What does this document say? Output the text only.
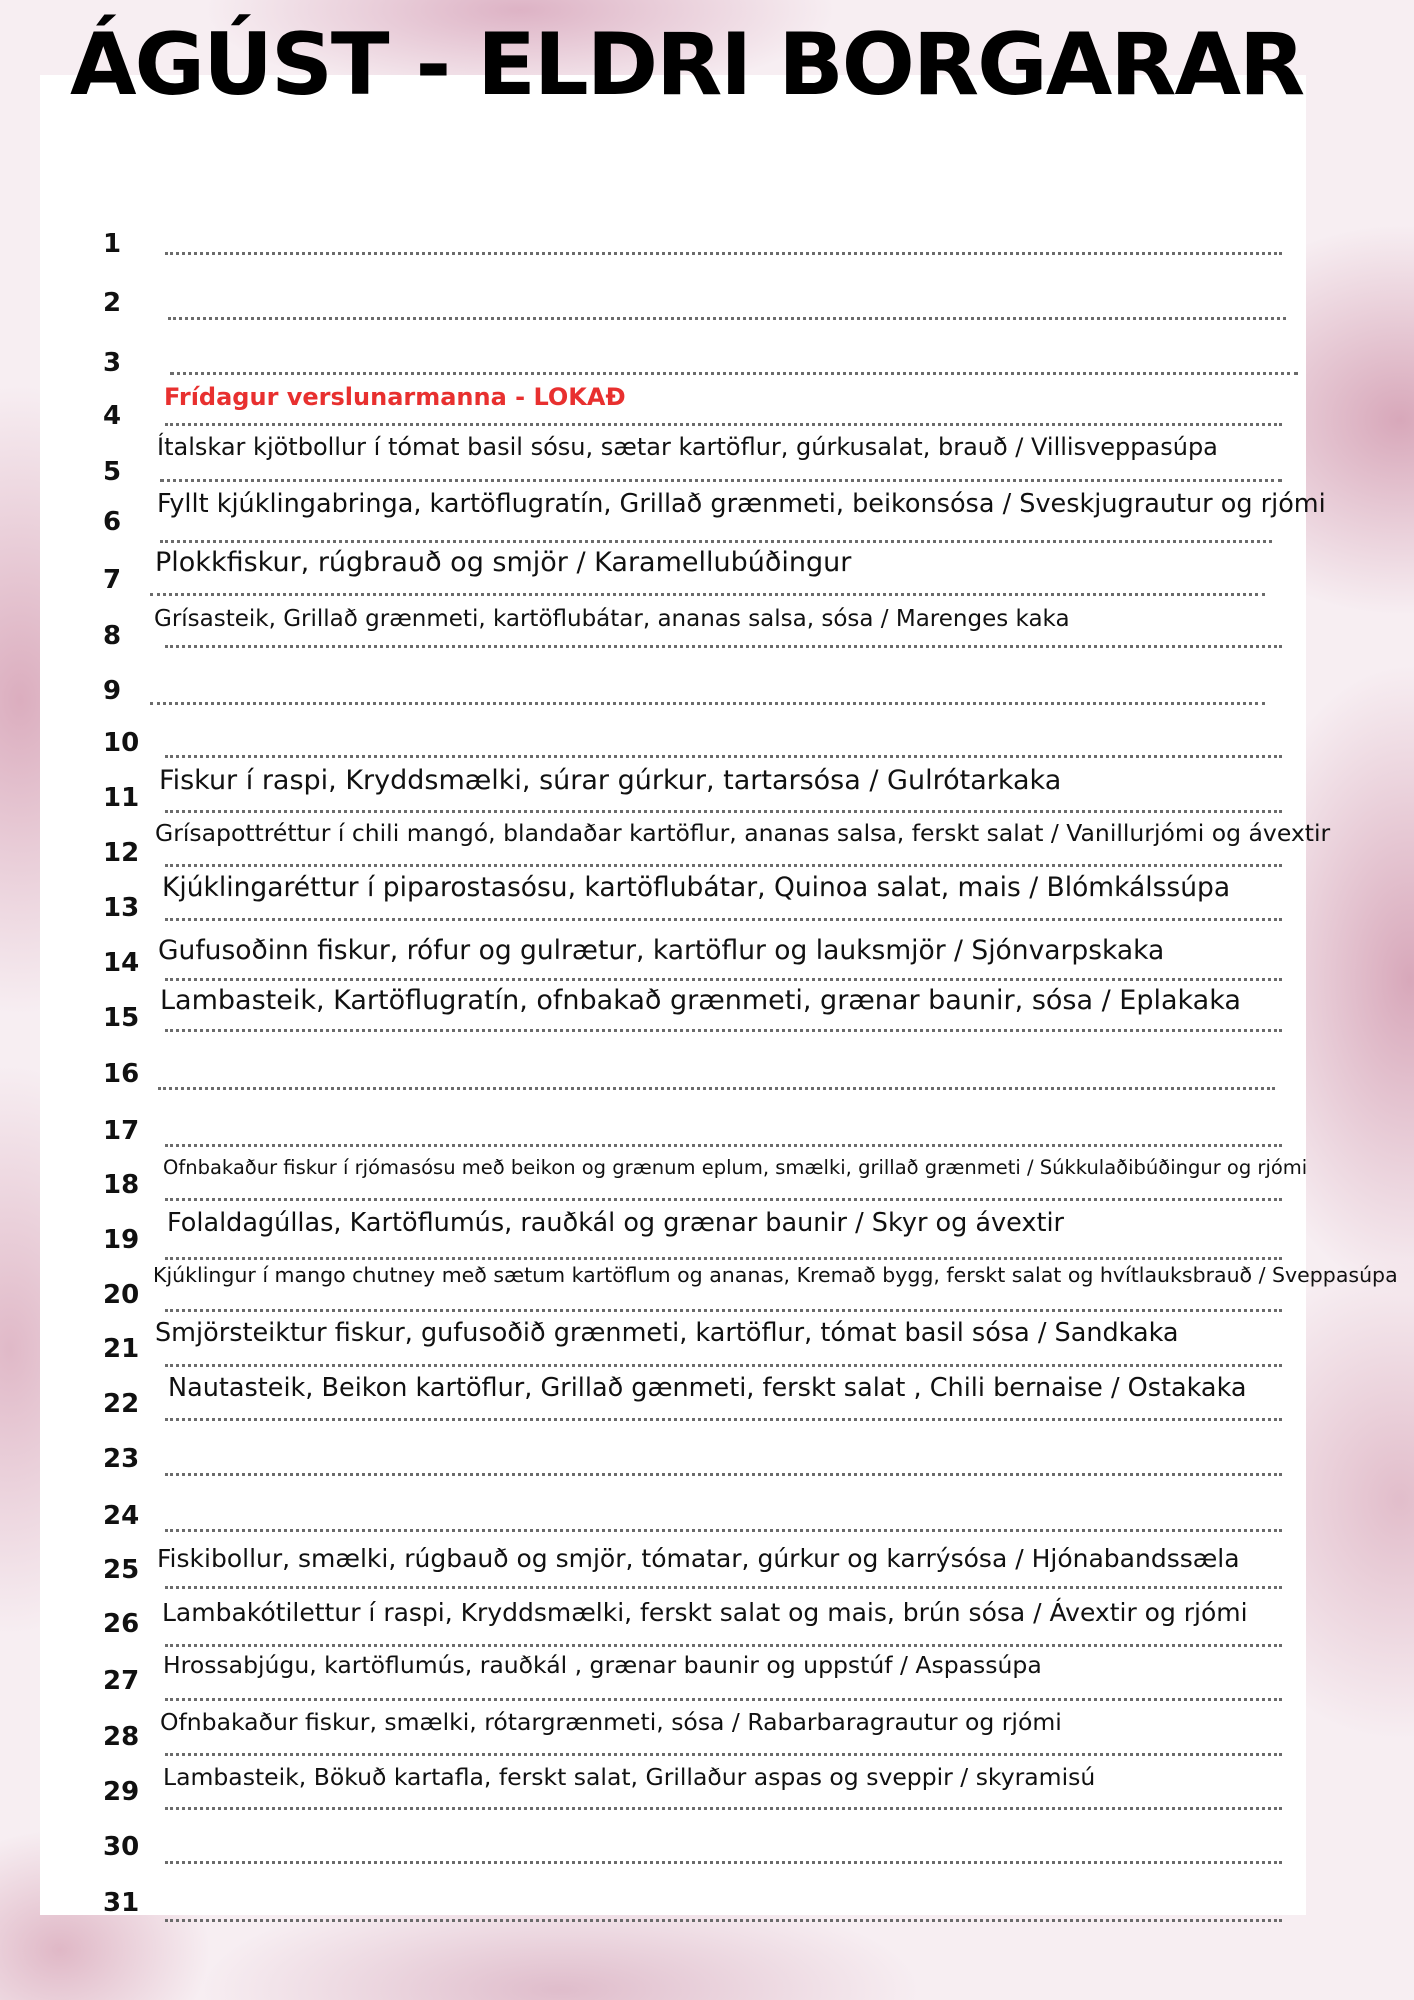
ÁGÚST - ELDRI BORGARAR
1
2
3
4
Frídagur verslunarmanna - LOKAÐ
5
Ítalskar kjötbollur í tómat basil sósu, sætar kartöflur, gúrkusalat, brauð / Villisveppasúpa
6
Fyllt kjúklingabringa, kartöflugratín, Grillað grænmeti, beikonsósa / Sveskjugrautur og rjómi
7
Plokkfiskur, rúgbrauð og smjör / Karamellubúðingur
8
Grísasteik, Grillað grænmeti, kartöflubátar, ananas salsa, sósa / Marenges kaka
9
10
11
Fiskur í raspi, Kryddsmælki, súrar gúrkur, tartarsósa / Gulrótarkaka
12
Grísapottréttur í chili mangó, blandaðar kartöflur, ananas salsa, ferskt salat / Vanillurjómi og ávextir
13
Kjúklingaréttur í piparostasósu, kartöflubátar, Quinoa salat, mais / Blómkálssúpa
14 Gufusoðinn fiskur, rófur og gulrætur, kartöflur og lauksmjör / Sjónvarpskaka
15
Lambasteik, Kartöflugratín, ofnbakað grænmeti, grænar baunir, sósa / Eplakaka
16
17
18
Ofnbakaður fiskur í rjómasósu með beikon og grænum eplum, smælki, grillað grænmeti / Súkkulaðibúðingur og rjómi
19
Folaldagúllas, Kartöflumús, rauðkál og grænar baunir / Skyr og ávextir
20
Kjúklingur í mango chutney með sætum kartöflum og ananas, Kremað bygg, ferskt salat og hvítlauksbrauð / Sveppasúpa
21
Smjörsteiktur fiskur, gufusoðið grænmeti, kartöflur, tómat basil sósa / Sandkaka
22
Nautasteik, Beikon kartöflur, Grillað gænmeti, ferskt salat , Chili bernaise / Ostakaka
23
24
25 Fiskibollur, smælki, rúgbauð og smjör, tómatar, gúrkur og karrýsósa / Hjónabandssæla
26 Lambakótilettur í raspi, Kryddsmælki, ferskt salat og mais, brún sósa / Ávextir og rjómi
27
Hrossabjúgu, kartöflumús, rauðkál , grænar baunir og uppstúf / Aspassúpa
28 Ofnbakaður fiskur, smælki, rótargrænmeti, sósa / Rabarbaragrautur og rjómi
29	Lambasteik, Bökuð kartafla, ferskt salat, Grillaður aspas og sveppir / skyramisú
30
31
